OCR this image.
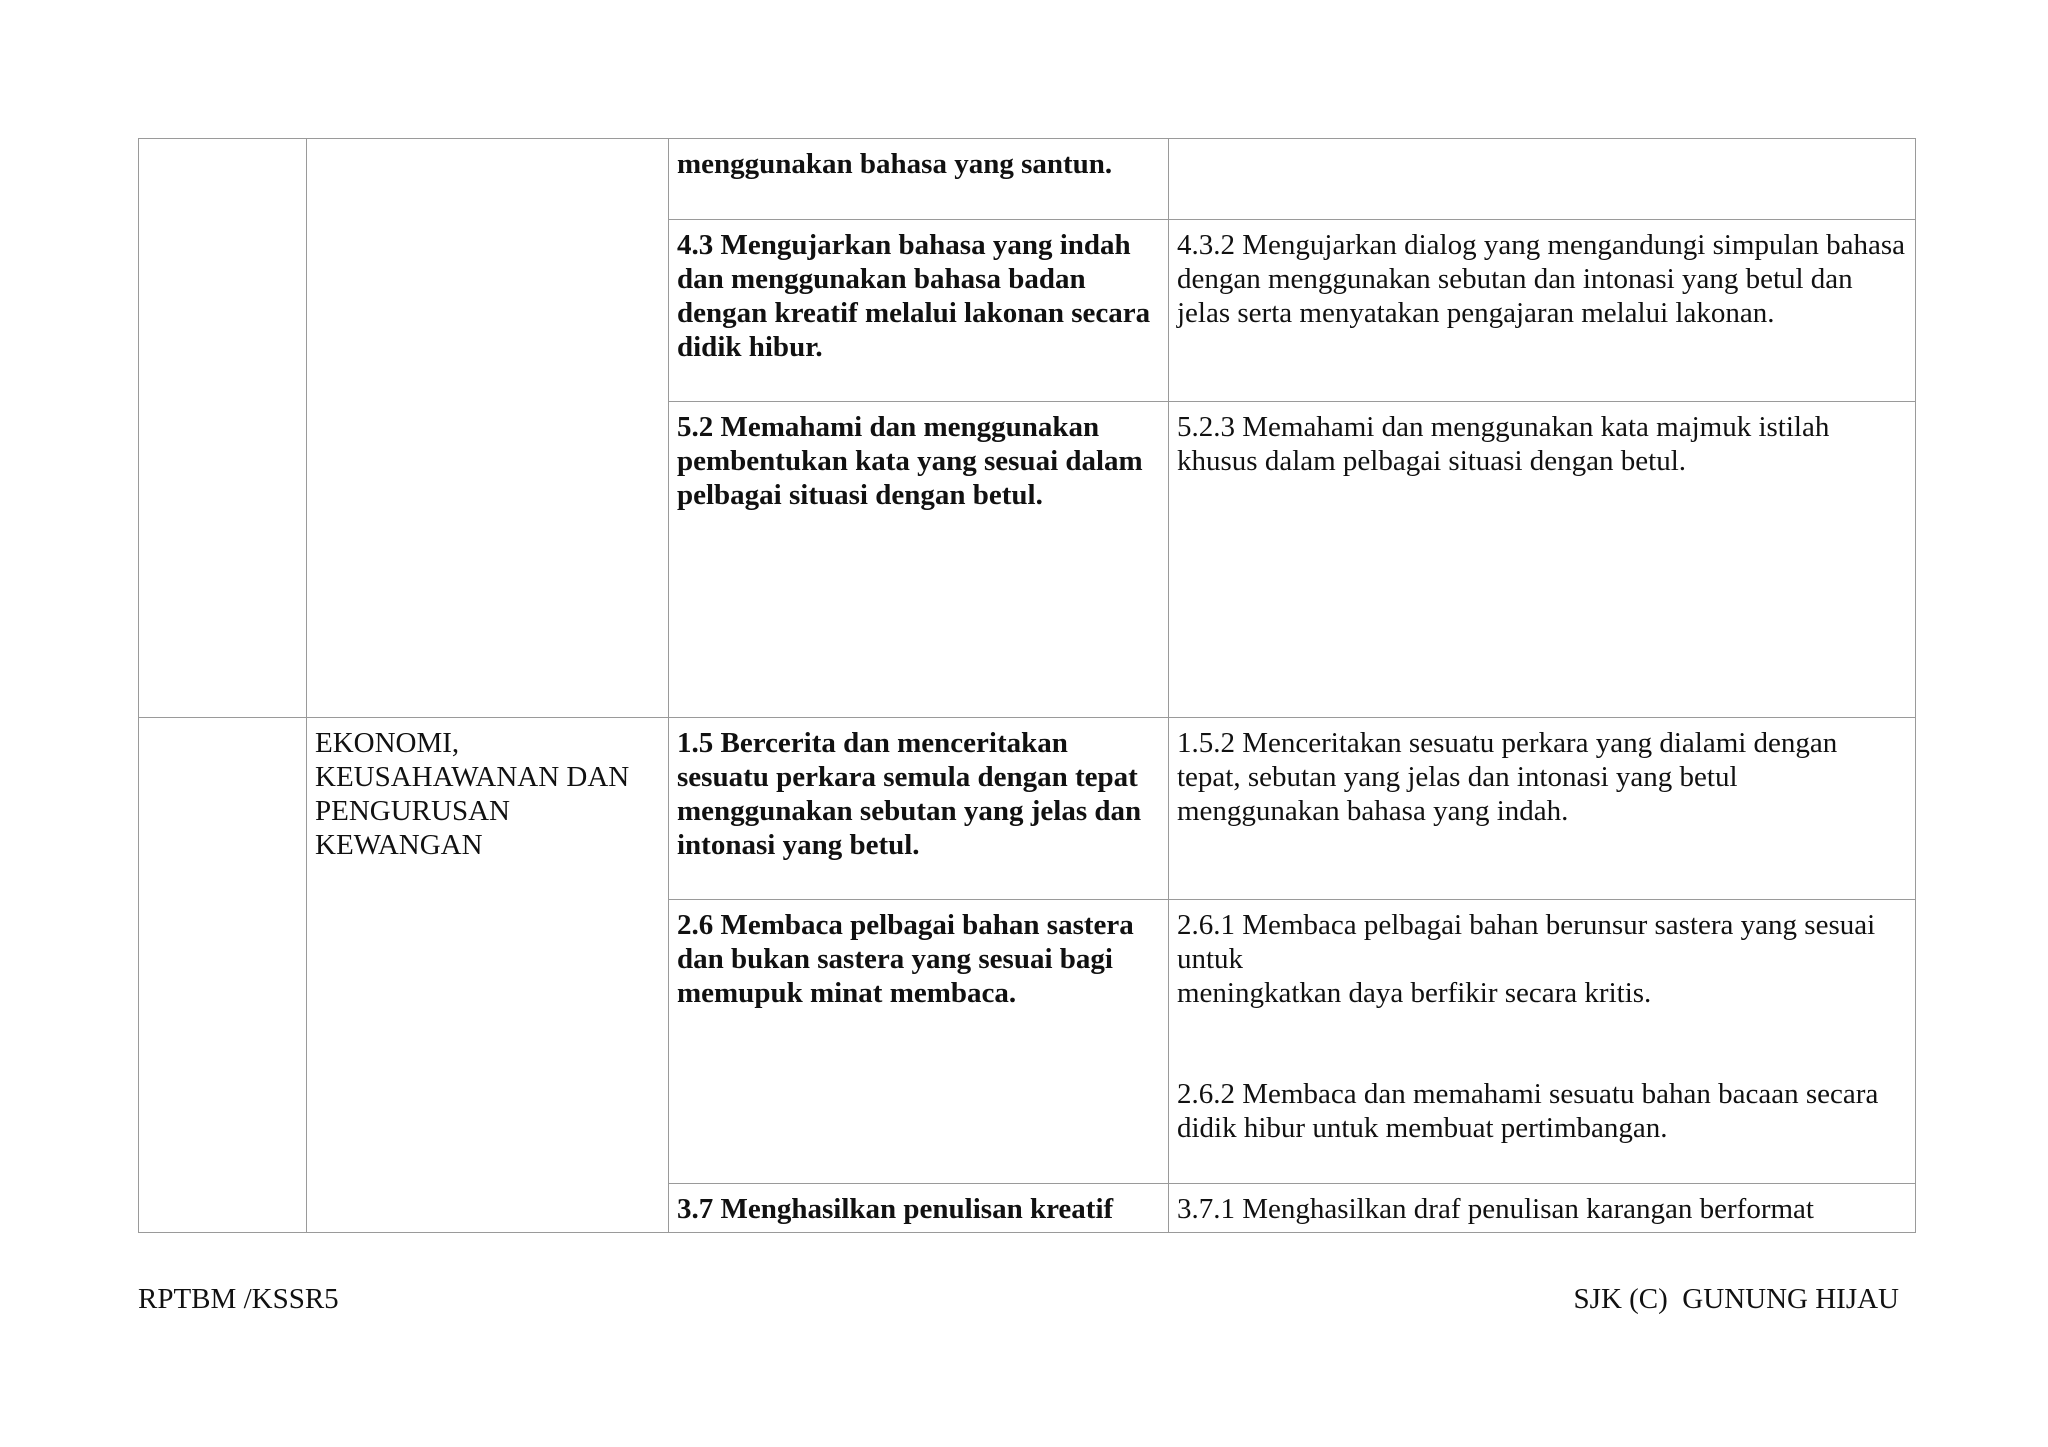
		menggunakan bahasa yang santun.	
		4.3 Mengujarkan bahasa yang indah dan menggunakan bahasa badan dengan kreatif melalui lakonan secara didik hibur.	4.3.2 Mengujarkan dialog yang mengandungi simpulan bahasa dengan menggunakan sebutan dan intonasi yang betul dan jelas serta menyatakan pengajaran melalui lakonan.
		5.2 Memahami dan menggunakan pembentukan kata yang sesuai dalam pelbagai situasi dengan betul.	5.2.3 Memahami dan menggunakan kata majmuk istilah khusus dalam pelbagai situasi dengan betul.
	EKONOMI, KEUSAHAWANAN DAN PENGURUSAN KEWANGAN	1.5 Bercerita dan menceritakan sesuatu perkara semula dengan tepat menggunakan sebutan yang jelas dan intonasi yang betul.	1.5.2 Menceritakan sesuatu perkara yang dialami dengan tepat, sebutan yang jelas dan intonasi yang betul menggunakan bahasa yang indah.
		2.6 Membaca pelbagai bahan sastera dan bukan sastera yang sesuai bagi memupuk minat membaca.	2.6.1 Membaca pelbagai bahan berunsur sastera yang sesuai untuk
meningkatkan daya berfikir secara kritis.
2.6.2 Membaca dan memahami sesuatu bahan bacaan secara didik hibur untuk membuat pertimbangan.

		3.7 Menghasilkan penulisan kreatif	3.7.1 Menghasilkan draf penulisan karangan berformat
RPTBM /KSSR5	SJK (C)  GUNUNG HIJAU
